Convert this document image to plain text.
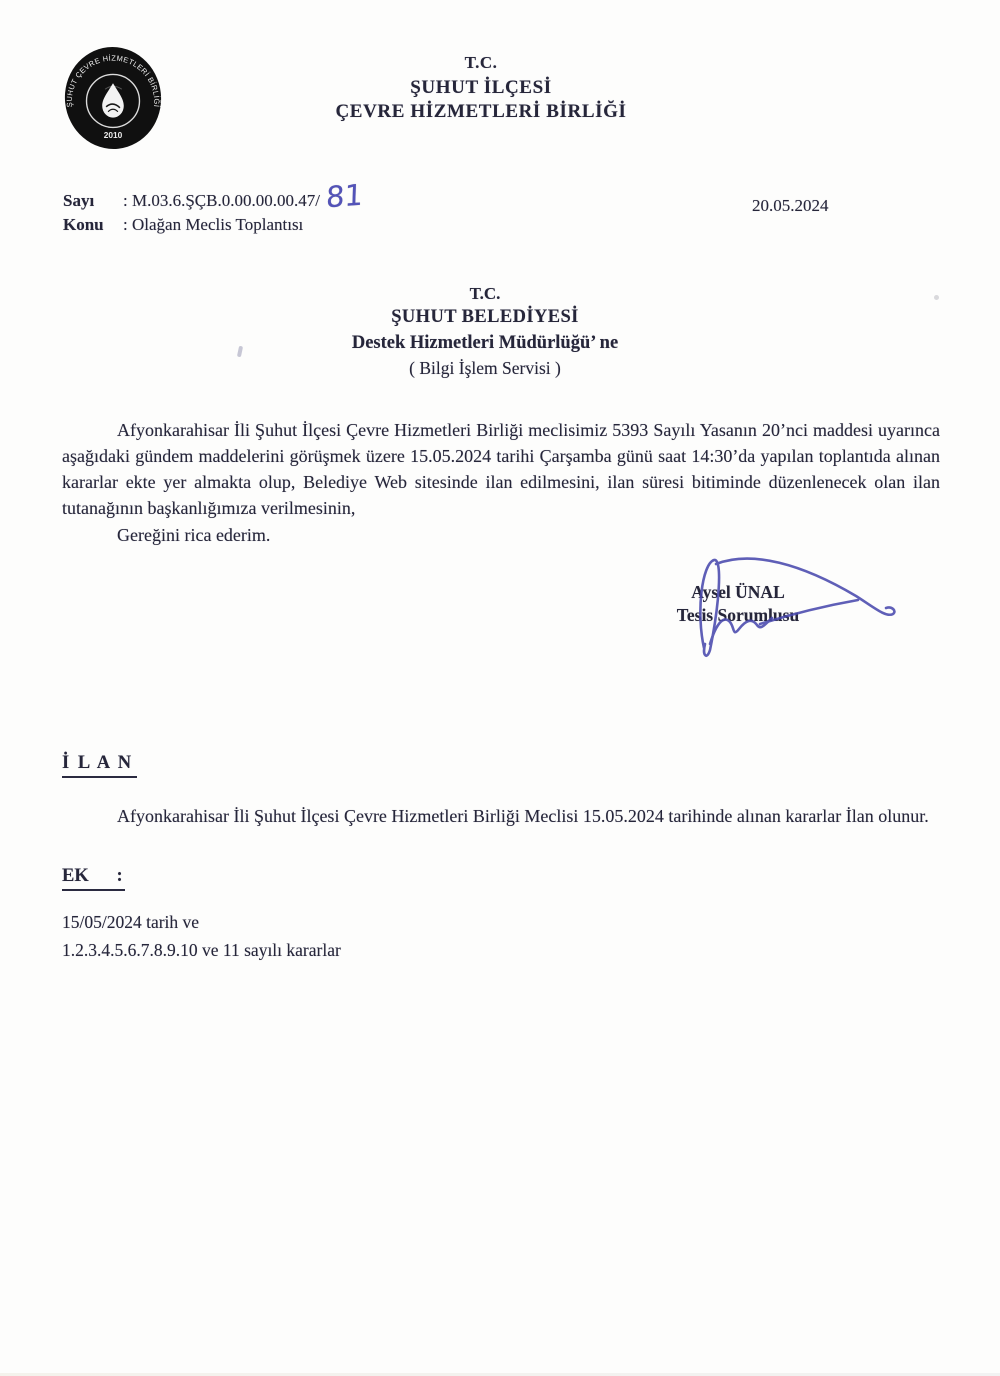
ŞUHUT ÇEVRE HİZMETLERİ BİRLİĞİ
2010
T.C.
ŞUHUT İLÇESİ
ÇEVRE HİZMETLERİ BİRLİĞİ
Sayı	: M.03.6.ŞÇB.0.00.00.00.47/ 81
Konu	: Olağan Meclis Toplantısı
20.05.2024
T.C.
ŞUHUT BELEDİYESİ
Destek Hizmetleri Müdürlüğü’ ne
( Bilgi İşlem Servisi )

Afyonkarahisar İli Şuhut İlçesi Çevre Hizmetleri Birliği meclisimiz 5393 Sayılı Yasanın 20’nci maddesi uyarınca aşağıdaki gündem maddelerini görüşmek üzere 15.05.2024 tarihi Çarşamba günü saat 14:30’da yapılan toplantıda alınan kararlar ekte yer almakta olup, Belediye Web sitesinde ilan edilmesini, ilan süresi bitiminde düzenlenecek olan ilan tutanağının başkanlığımıza verilmesinin,

Gereğini rica ederim.

Aysel ÜNAL
Tesis Sorumlusu
İ L A N

Afyonkarahisar İli Şuhut İlçesi Çevre Hizmetleri Birliği Meclisi 15.05.2024 tarihinde alınan kararlar İlan olunur.

EK      :
15/05/2024 tarih ve
1.2.3.4.5.6.7.8.9.10 ve 11 sayılı kararlar
